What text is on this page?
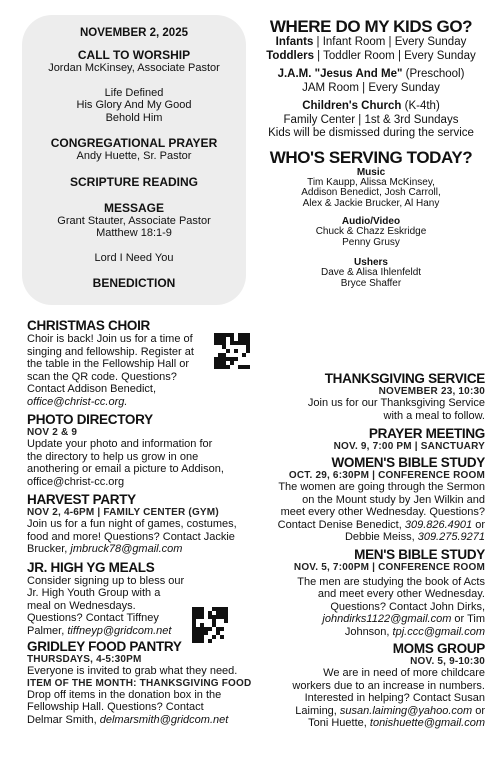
NOVEMBER 2, 2025
CALL TO WORSHIP
Jordan McKinsey, Associate Pastor
Life Defined
His Glory And My Good
Behold Him
CONGREGATIONAL PRAYER
Andy Huette, Sr. Pastor
SCRIPTURE READING
MESSAGE
Grant Stauter, Associate Pastor
Matthew 18:1-9
Lord I Need You
BENEDICTION
WHERE DO MY KIDS GO?
Infants | Infant Room | Every Sunday
Toddlers | Toddler Room | Every Sunday
J.A.M. "Jesus And Me" (Preschool)
JAM Room | Every Sunday
Children's Church (K-4th)
Family Center | 1st & 3rd Sundays
Kids will be dismissed during the service
WHO'S SERVING TODAY?
Music
Tim Kaupp, Alissa McKinsey,
Addison Benedict, Josh Carroll,
Alex & Jackie Brucker, Al Hany
Audio/Video
Chuck & Chazz Eskridge
Penny Grusy
Ushers
Dave & Alisa Ihlenfeldt
Bryce Shaffer
CHRISTMAS CHOIR
Choir is back! Join us for a time of
singing and fellowship. Register at
the table in the Fellowship Hall or
scan the QR code. Questions?
Contact Addison Benedict,
office@christ-cc.org.
PHOTO DIRECTORY
NOV 2 & 9
Update your photo and information for
the directory to help us grow in one
anothering or email a picture to Addison,
office@christ-cc.org
HARVEST PARTY
NOV 2, 4-6PM | FAMILY CENTER (GYM)
Join us for a fun night of games, costumes,
food and more! Questions? Contact Jackie
Brucker, jmbruck78@gmail.com
JR. HIGH YG MEALS
Consider signing up to bless our
Jr. High Youth Group with a
meal on Wednesdays.
Questions? Contact Tiffney
Palmer, tiffneyp@gridcom.net
GRIDLEY FOOD PANTRY
THURSDAYS, 4-5:30PM
Everyone is invited to grab what they need.
ITEM OF THE MONTH: THANKSGIVING FOOD
Drop off items in the donation box in the
Fellowship Hall. Questions? Contact
Delmar Smith, delmarsmith@gridcom.net
THANKSGIVING SERVICE
NOVEMBER 23, 10:30
Join us for our Thanksgiving Service
with a meal to follow.
PRAYER MEETING
NOV. 9, 7:00 PM | SANCTUARY
WOMEN'S BIBLE STUDY
OCT. 29, 6:30PM | CONFERENCE ROOM
The women are going through the Sermon
on the Mount study by Jen Wilkin and
meet every other Wednesday. Questions?
Contact Denise Benedict, 309.826.4901 or
Debbie Meiss, 309.275.9271
MEN'S BIBLE STUDY
NOV. 5, 7:00PM | CONFERENCE ROOM
The men are studying the book of Acts
and meet every other Wednesday.
Questions? Contact John Dirks,
johndirks1122@gmail.com or Tim
Johnson, tpj.ccc@gmail.com
MOMS GROUP
NOV. 5, 9-10:30
We are in need of more childcare
workers due to an increase in numbers.
Interested in helping? Contact Susan
Laiming, susan.laiming@yahoo.com or
Toni Huette, tonishuette@gmail.com
